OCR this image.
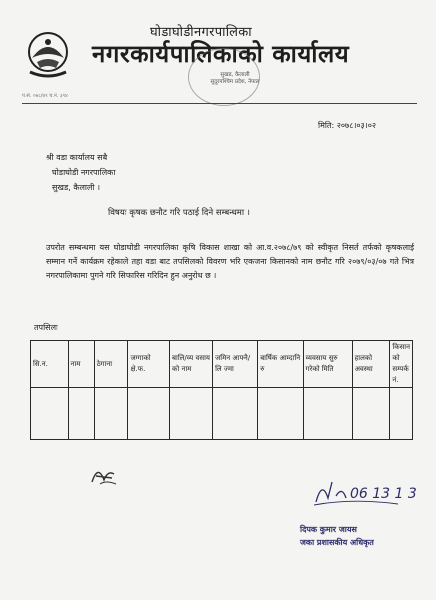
घोडाघोडीनगरपालिका
नगरकार्यपालिकाको कार्यालय
प.सं. ०७८/७९ च.नं. ३९४
सुखड, कैलाली
सुदूरपश्चिम प्रदेश, नेपाल
मिति: २०७८।०३।०२
श्री वडा कार्यालय सबै
घोडाघोडी नगरपालिका
सुखड, कैलाली ।
विषयः कृषक छनौट गरि पठाई दिने सम्बन्धमा ।
उपरोत सम्बन्धमा यस घोडाघोडी नगरपालिका कृषि विकास शाखा को आ.व.२०७८/७९ को स्वीकृत निसर्त तर्फको कृषकलाई सम्मान गर्ने कार्यक्रम रहेकाले तहा वडा बाट तपसिलको विवरण भरि एकजना किसानको नाम छनौट गरि २०७९/०३/०७ गते भित्र नगरपालिकामा पुगने गरि सिफारिस गरिदिन हुन अनुरोध छ ।
तपसिलः
सि.न.	नाम	ठेगाना	जग्गाको क्षे.फ.	बालि/व्य वसाय को नाम	जमिन आफ्नै/लि ज्मा	बार्षिक आम्दानि रु	व्यवसाय सुरु गरेको मिति	हालको अवस्था	किसान को सम्पर्क नं.

06 13 1 3
दिपक कुमार जायस
जका प्रशासकीय अधिकृत
